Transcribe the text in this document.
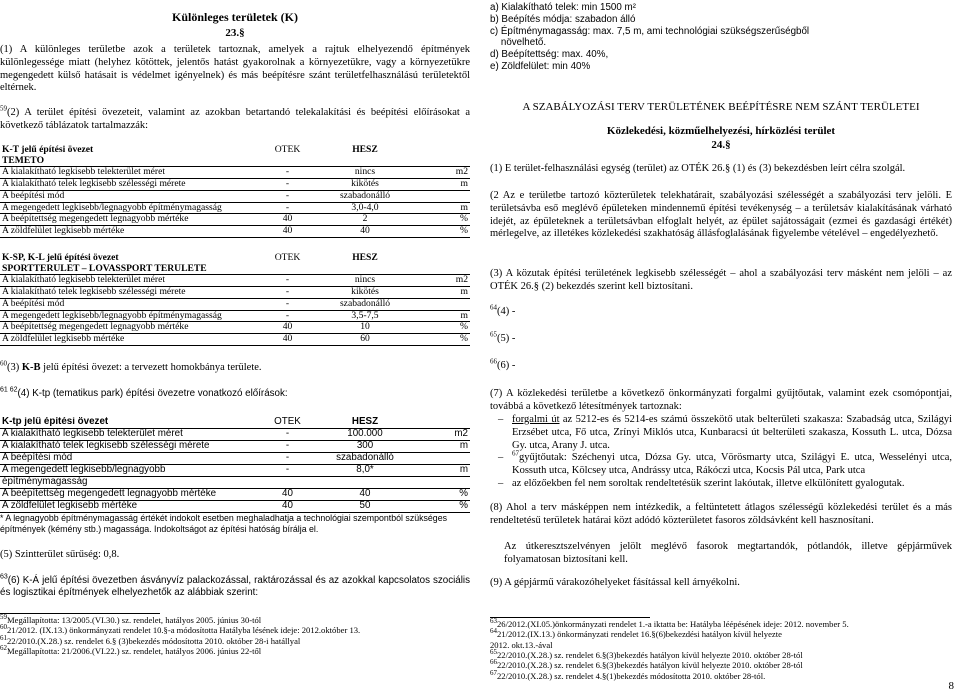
Különleges területek (K)
23.§

(1) A különleges területbe azok a területek tartoznak, amelyek a rajtuk elhelyezendő építmények különlegessége miatt (helyhez kötöttek, jelentős hatást gyakorolnak a környezetükre, vagy a környezetükre megengedett külső hatásait is védelmet igényelnek) és más beépítésre szánt területfelhasználású területektől eltérnek.

$^{59}$(2) A terület építési övezeteit, valamint az azokban betartandó telekalakítási és beépítési előírásokat a következő táblázatok tartalmazzák:

K-T jelű építési övezet	OTÉK	HÉSZ	
TEMETŐ			
A kialakítható legkisebb telekterület méret	-	nincs	m2
A kialakítható telek legkisebb szélességi mérete	-	kikötés	m
A beépítési mód	-	szabadonálló	
A megengedett legkisebb/legnagyobb építménymagasság	-	3,0-4,0	m
A beépítettség megengedett legnagyobb mértéke	40	2	%
A zöldfelület legkisebb mértéke	40	40	%
K-SP, K-L jelű építési övezet	OTÉK	HÉSZ	
SPORTTERÜLET – LOVASSPORT TERÜLETE			
A kialakítható legkisebb telekterület méret	-	nincs	m2
A kialakítható telek legkisebb szélességi mérete	-	kikötés	m
A beépítési mód	-	szabadonálló	
A megengedett legkisebb/legnagyobb építménymagasság	-	3,5-7,5	m
A beépítettség megengedett legnagyobb mértéke	40	10	%
A zöldfelület legkisebb mértéke	40	60	%

$^{60}$(3) K-B jelű építési övezet: a tervezett homokbánya területe.

$^{61 62}$(4) K-tp (tematikus park) építési övezetre vonatkozó előírások:

K-tp jelű építési övezet	OTÉK	HÉSZ	
A kialakítható legkisebb telekterület méret	-	100.000	m2
A kialakítható telek legkisebb szélességi mérete	-	300	m
A beépítési mód	-	szabadonálló	
A megengedett legkisebb/legnagyobb	-	8,0*	m
építménymagasság			
A beépítettség megengedett legnagyobb mértéke	40	40	%
A zöldfelület legkisebb mértéke	40	50	%

* A legnagyobb építménymagasság értékét indokolt esetben meghaladhatja a technológiai szempontból szükséges építmények (kémény stb.) magassága. Indokoltságot az építési hatóság bírálja el.

(5) Szintterület sűrűség: 0,8.

$^{63}$(6) K-Á jelű építési övezetben ásványvíz palackozással, raktározással és az azokkal kapcsolatos szociális és logisztikai építmények elhelyezhetők az alábbiak szerint:

$^{59}$Megállapította: 13/2005.(VI.30.) sz. rendelet, hatályos 2005. június 30-tól
$^{60}$21/2012. (IX.13.) önkormányzati rendelet 10.§-a módosította Hatályba lésének ideje: 2012.október 13.
$^{61}$22/2010.(X.28.) sz. rendelet 6.§ (3)bekezdés módosította 2010. október 28-i hatállyal
$^{62}$Megállapította: 21/2006.(VI.22.) sz. rendelet, hatályos 2006. június 22-től
a) Kialakítható telek: min 1500 m²
b) Beépítés módja: szabadon álló
c) Építménymagasság: max. 7,5 m, ami technológiai szükségszerűségből
növelhető.
d) Beépítettség: max. 40%,
e) Zöldfelület: min 40%
A SZABÁLYOZÁSI TERV TERÜLETÉNEK BEÉPÍTÉSRE NEM SZÁNT TERÜLETEI
Közlekedési, közműelhelyezési, hírközlési terület
24.§

(1) E terület-felhasználási egység (terület) az OTÉK 26.§ (1) és (3) bekezdésben leírt célra szolgál.

(2 Az e területbe tartozó közterületek telekhatárait, szabályozási szélességét a szabályozási terv jelöli. E területsávba eső meglévő épületeken mindennemű építési tevékenység – a területsáv kialakításának várható idejét, az épületeknek a területsávban elfoglalt helyét, az épület sajátosságait (ezmei és gazdasági értékét) mérlegelve, az illetékes közlekedési szakhatóság állásfoglalásának figyelembe vételével – engedélyezhető.

(3) A közutak építési területének legkisebb szélességét – ahol a szabályozási terv másként nem jelöli – az OTÉK 26.§ (2) bekezdés szerint kell biztosítani.

$^{64}$(4) -

$^{65}$(5) -

$^{66}$(6) -

(7) A közlekedési területbe a következő önkormányzati forgalmi gyűjtőutak, valamint ezek csomópontjai, továbbá a következő létesítmények tartoznak:

– forgalmi út az 5212-es és 5214-es számú összekötő utak belterületi szakasza: Szabadság utca, Szilágyi Erzsébet utca, Fő utca, Zrínyi Miklós utca, Kunbaracsi út belterületi szakasza, Kossuth L. utca, Dózsa Gy. utca, Arany J. utca.
– $^{67}$gyűjtőutak: Széchenyi utca, Dózsa Gy. utca, Vörösmarty utca, Szilágyi E. utca, Wesselényi utca, Kossuth utca, Kölcsey utca, Andrássy utca, Rákóczi utca, Kocsis Pál utca, Park utca
– az előzőekben fel nem soroltak rendeltetésük szerint lakóutak, illetve elkülönített gyalogutak.

(8) Ahol a terv másképpen nem intézkedik, a feltüntetett átlagos szélességű közlekedési terület és a más rendeltetésű területek határai közt adódó közterületet fasoros zöldsávként kell hasznosítani.

Az útkeresztszelvényen jelölt meglévő fasorok megtartandók, pótlandók, illetve gépjárművek folyamatosan biztosítani kell.

(9) A gépjármű várakozóhelyeket fásítással kell árnyékolni.

$^{63}$26/2012.(XI.05.)önkormányzati rendelet 1.-a iktatta be: Hatályba léépésének ideje: 2012. november 5.
$^{64}$21/2012.(IX.13.) önkormányzati rendelet 16.§(6)bekezdési hatályon kívül helyezte
2012. okt.13.-ával
$^{65}$22/2010.(X.28.) sz. rendelet 6.§(3)bekezdés hatályon kívül helyezte 2010. október 28-tól
$^{66}$22/2010.(X.28.) sz. rendelet 6.§(3)bekezdés hatályon kívül helyezte 2010. október 28-tól
$^{67}$22/2010.(X.28.) sz. rendelet 4.§(1)bekezdés módosította 2010. október 28-tól.
8
